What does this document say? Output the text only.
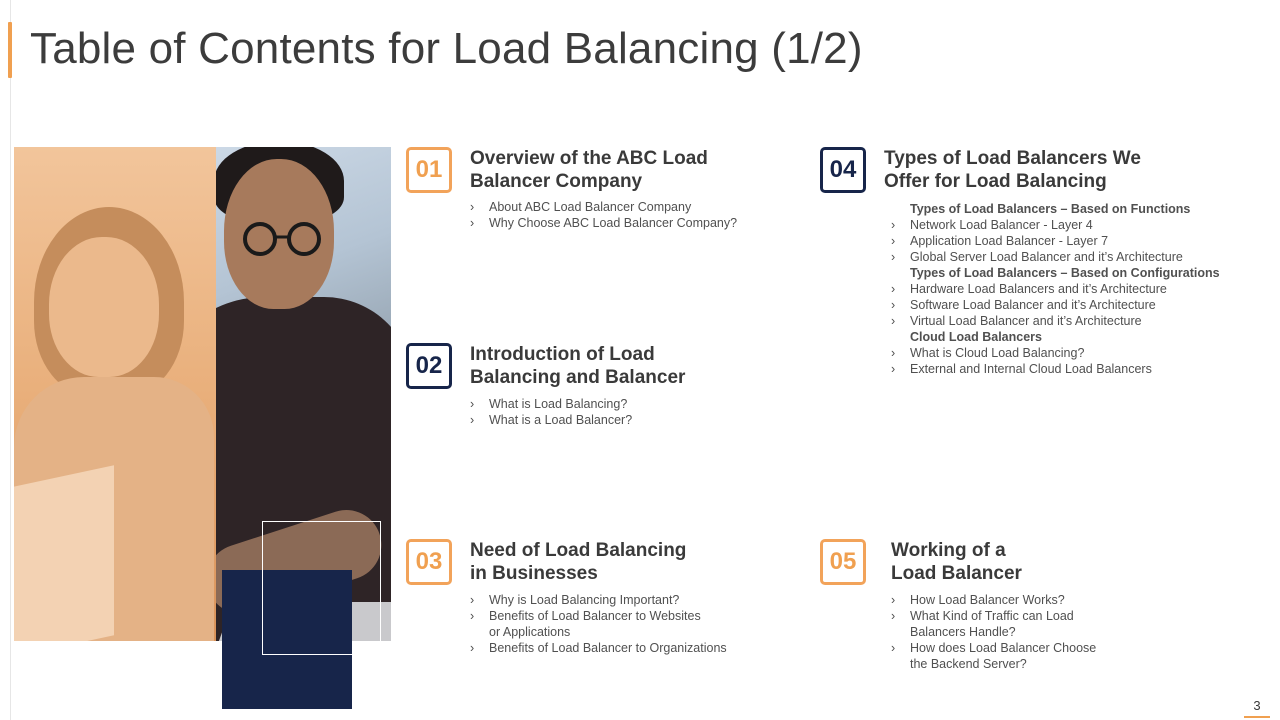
Table of Contents for Load Balancing (1/2)
01	Overview of the ABC Load
Balancer Company
› About ABC Load Balancer Company
› Why Choose ABC Load Balancer Company?
02	Introduction of Load
Balancing and Balancer
› What is Load Balancing?
› What is a Load Balancer?
03	Need of Load Balancing
in Businesses
› Why is Load Balancing Important?
› Benefits of Load Balancer to Websites
or Applications
› Benefits of Load Balancer to Organizations
04	Types of Load Balancers We
Offer for Load Balancing
Types of Load Balancers – Based on Functions
› Network Load Balancer - Layer 4
› Application Load Balancer - Layer 7
› Global Server Load Balancer and it’s Architecture
Types of Load Balancers – Based on Configurations
› Hardware Load Balancers and it’s Architecture
› Software Load Balancer and it’s Architecture
› Virtual Load Balancer and it’s Architecture
Cloud Load Balancers
› What is Cloud Load Balancing?
› External and Internal Cloud Load Balancers
05	Working of a
Load Balancer
› How Load Balancer Works?
› What Kind of Traffic can Load
Balancers Handle?
› How does Load Balancer Choose
the Backend Server?
3
